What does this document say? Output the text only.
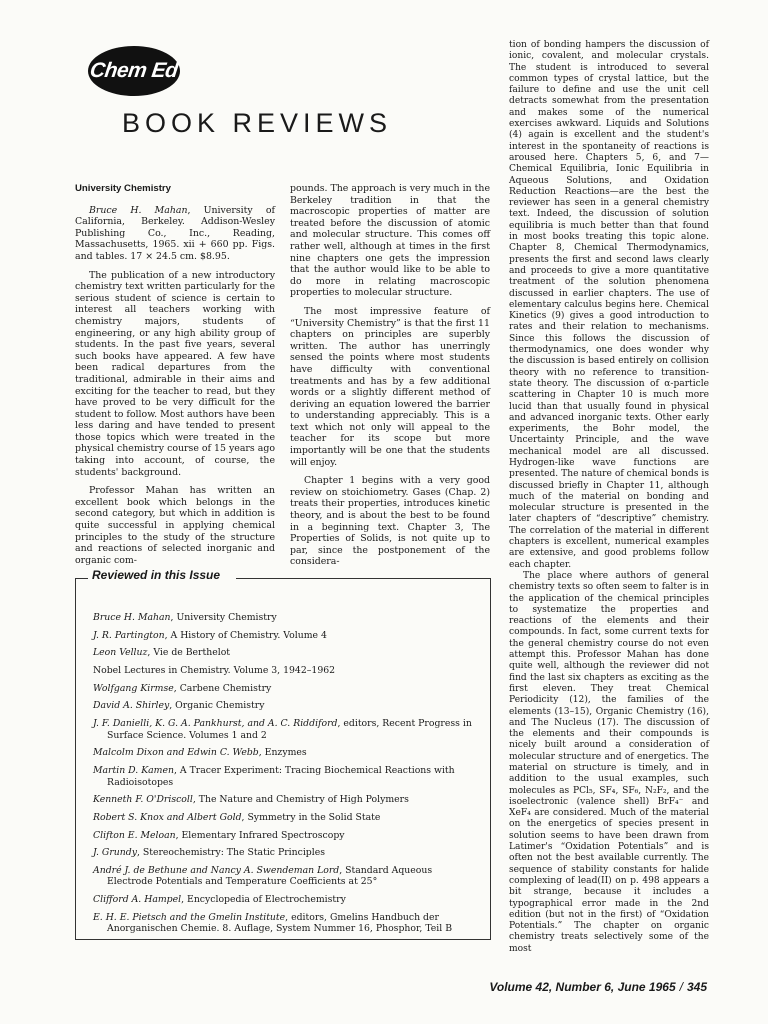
Chem Ed
BOOK REVIEWS
University Chemistry

Bruce H. Mahan, University of California, Berkeley. Addison-Wesley Publishing Co., Inc., Reading, Massachusetts, 1965. xii + 660 pp. Figs. and tables. 17 × 24.5 cm. $8.95.

The publication of a new introductory chemistry text written particularly for the serious student of science is certain to interest all teachers working with chemistry majors, students of engineering, or any high ability group of students. In the past five years, several such books have appeared. A few have been radical departures from the traditional, admirable in their aims and exciting for the teacher to read, but they have proved to be very difficult for the student to follow. Most authors have been less daring and have tended to present those topics which were treated in the physical chemistry course of 15 years ago taking into account, of course, the students' background.

Professor Mahan has written an excellent book which belongs in the second category, but which in addition is quite successful in applying chemical principles to the study of the structure and reactions of selected inorganic and organic com-

pounds. The approach is very much in the Berkeley tradition in that the macroscopic properties of matter are treated before the discussion of atomic and molecular structure. This comes off rather well, although at times in the first nine chapters one gets the impression that the author would like to be able to do more in relating macroscopic properties to molecular structure.

The most impressive feature of “University Chemistry” is that the first 11 chapters on principles are superbly written. The author has unerringly sensed the points where most students have difficulty with conventional treatments and has by a few additional words or a slightly different method of deriving an equation lowered the barrier to understanding appreciably. This is a text which not only will appeal to the teacher for its scope but more importantly will be one that the students will enjoy.

Chapter 1 begins with a very good review on stoichiometry. Gases (Chap. 2) treats their properties, introduces kinetic theory, and is about the best to be found in a beginning text. Chapter 3, The Properties of Solids, is not quite up to par, since the postponement of the considera-

tion of bonding hampers the discussion of ionic, covalent, and molecular crystals. The student is introduced to several common types of crystal lattice, but the failure to define and use the unit cell detracts somewhat from the presentation and makes some of the numerical exercises awkward. Liquids and Solutions (4) again is excellent and the student's interest in the spontaneity of reactions is aroused here. Chapters 5, 6, and 7—Chemical Equilibria, Ionic Equilibria in Aqueous Solutions, and Oxidation Reduction Reactions—are the best the reviewer has seen in a general chemistry text. Indeed, the discussion of solution equilibria is much better than that found in most books treating this topic alone. Chapter 8, Chemical Thermodynamics, presents the first and second laws clearly and proceeds to give a more quantitative treatment of the solution phenomena discussed in earlier chapters. The use of elementary calculus begins here. Chemical Kinetics (9) gives a good introduction to rates and their relation to mechanisms. Since this follows the discussion of thermodynamics, one does wonder why the discussion is based entirely on collision theory with no reference to transition-state theory. The discussion of α-particle scattering in Chapter 10 is much more lucid than that usually found in physical and advanced inorganic texts. Other early experiments, the Bohr model, the Uncertainty Principle, and the wave mechanical model are all discussed. Hydrogen-like wave functions are presented. The nature of chemical bonds is discussed briefly in Chapter 11, although much of the material on bonding and molecular structure is presented in the later chapters of “descriptive” chemistry. The correlation of the material in different chapters is excellent, numerical examples are extensive, and good problems follow each chapter.

The place where authors of general chemistry texts so often seem to falter is in the application of the chemical principles to systematize the properties and reactions of the elements and their compounds. In fact, some current texts for the general chemistry course do not even attempt this. Professor Mahan has done quite well, although the reviewer did not find the last six chapters as exciting as the first eleven. They treat Chemical Periodicity (12), the families of the elements (13–15), Organic Chemistry (16), and The Nucleus (17). The discussion of the elements and their compounds is nicely built around a consideration of molecular structure and of energetics. The material on structure is timely, and in addition to the usual examples, such molecules as PCl₅, SF₄, SF₆, N₂F₂, and the isoelectronic (valence shell) BrF₄⁻ and XeF₄ are considered. Much of the material on the energetics of species present in solution seems to have been drawn from Latimer's “Oxidation Potentials” and is often not the best available currently. The sequence of stability constants for halide complexing of lead(II) on p. 498 appears a bit strange, because it includes a typographical error made in the 2nd edition (but not in the first) of “Oxidation Potentials.” The chapter on organic chemistry treats selectively some of the most

Reviewed in this Issue
Bruce H. Mahan, University Chemistry
J. R. Partington, A History of Chemistry. Volume 4
Leon Velluz, Vie de Berthelot
Nobel Lectures in Chemistry. Volume 3, 1942–1962
Wolfgang Kirmse, Carbene Chemistry
David A. Shirley, Organic Chemistry
J. F. Danielli, K. G. A. Pankhurst, and A. C. Riddiford, editors, Recent Progress in Surface Science. Volumes 1 and 2
Malcolm Dixon and Edwin C. Webb, Enzymes
Martin D. Kamen, A Tracer Experiment: Tracing Biochemical Reactions with Radioisotopes
Kenneth F. O'Driscoll, The Nature and Chemistry of High Polymers
Robert S. Knox and Albert Gold, Symmetry in the Solid State
Clifton E. Meloan, Elementary Infrared Spectroscopy
J. Grundy, Stereochemistry: The Static Principles
André J. de Bethune and Nancy A. Swendeman Lord, Standard Aqueous Electrode Potentials and Temperature Coefficients at 25°
Clifford A. Hampel, Encyclopedia of Electrochemistry
E. H. E. Pietsch and the Gmelin Institute, editors, Gmelins Handbuch der Anorganischen Chemie. 8. Auflage, System Nummer 16, Phosphor, Teil B
Volume 42, Number 6, June 1965 / 345
